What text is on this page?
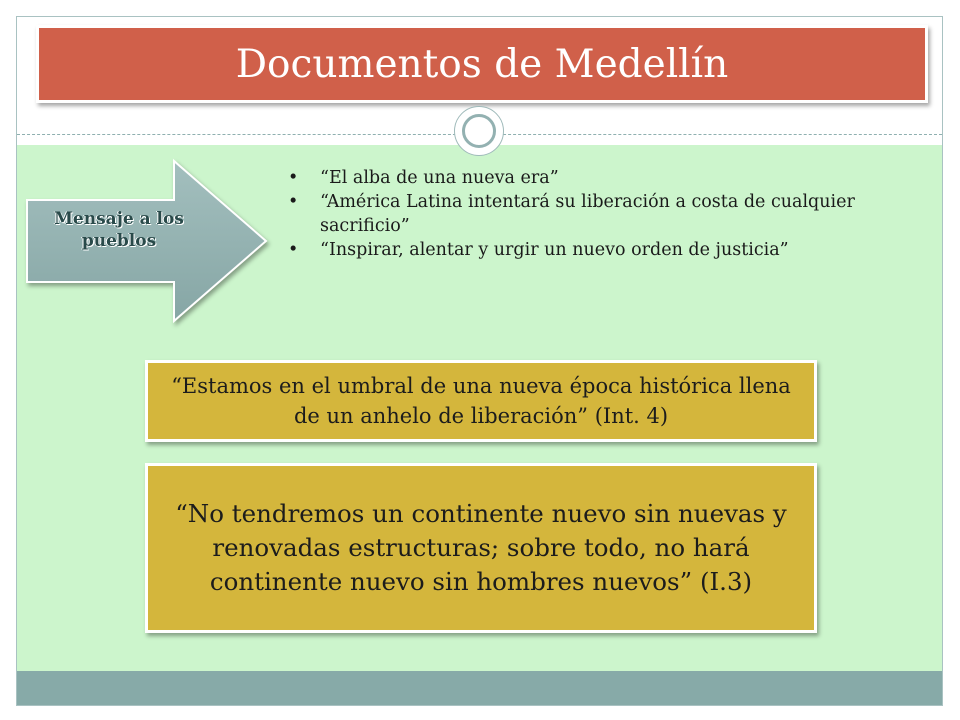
Documentos de Medellín
Mensaje a los pueblos
• “El alba de una nueva era”
• “América Latina intentará su liberación a costa de cualquier sacrificio”
• “Inspirar, alentar y urgir un nuevo orden de justicia”
“Estamos en el umbral de una nueva época histórica llena de un anhelo de liberación” (Int. 4)
“No tendremos un continente nuevo sin nuevas y renovadas estructuras; sobre todo, no hará continente nuevo sin hombres nuevos” (I.3)
